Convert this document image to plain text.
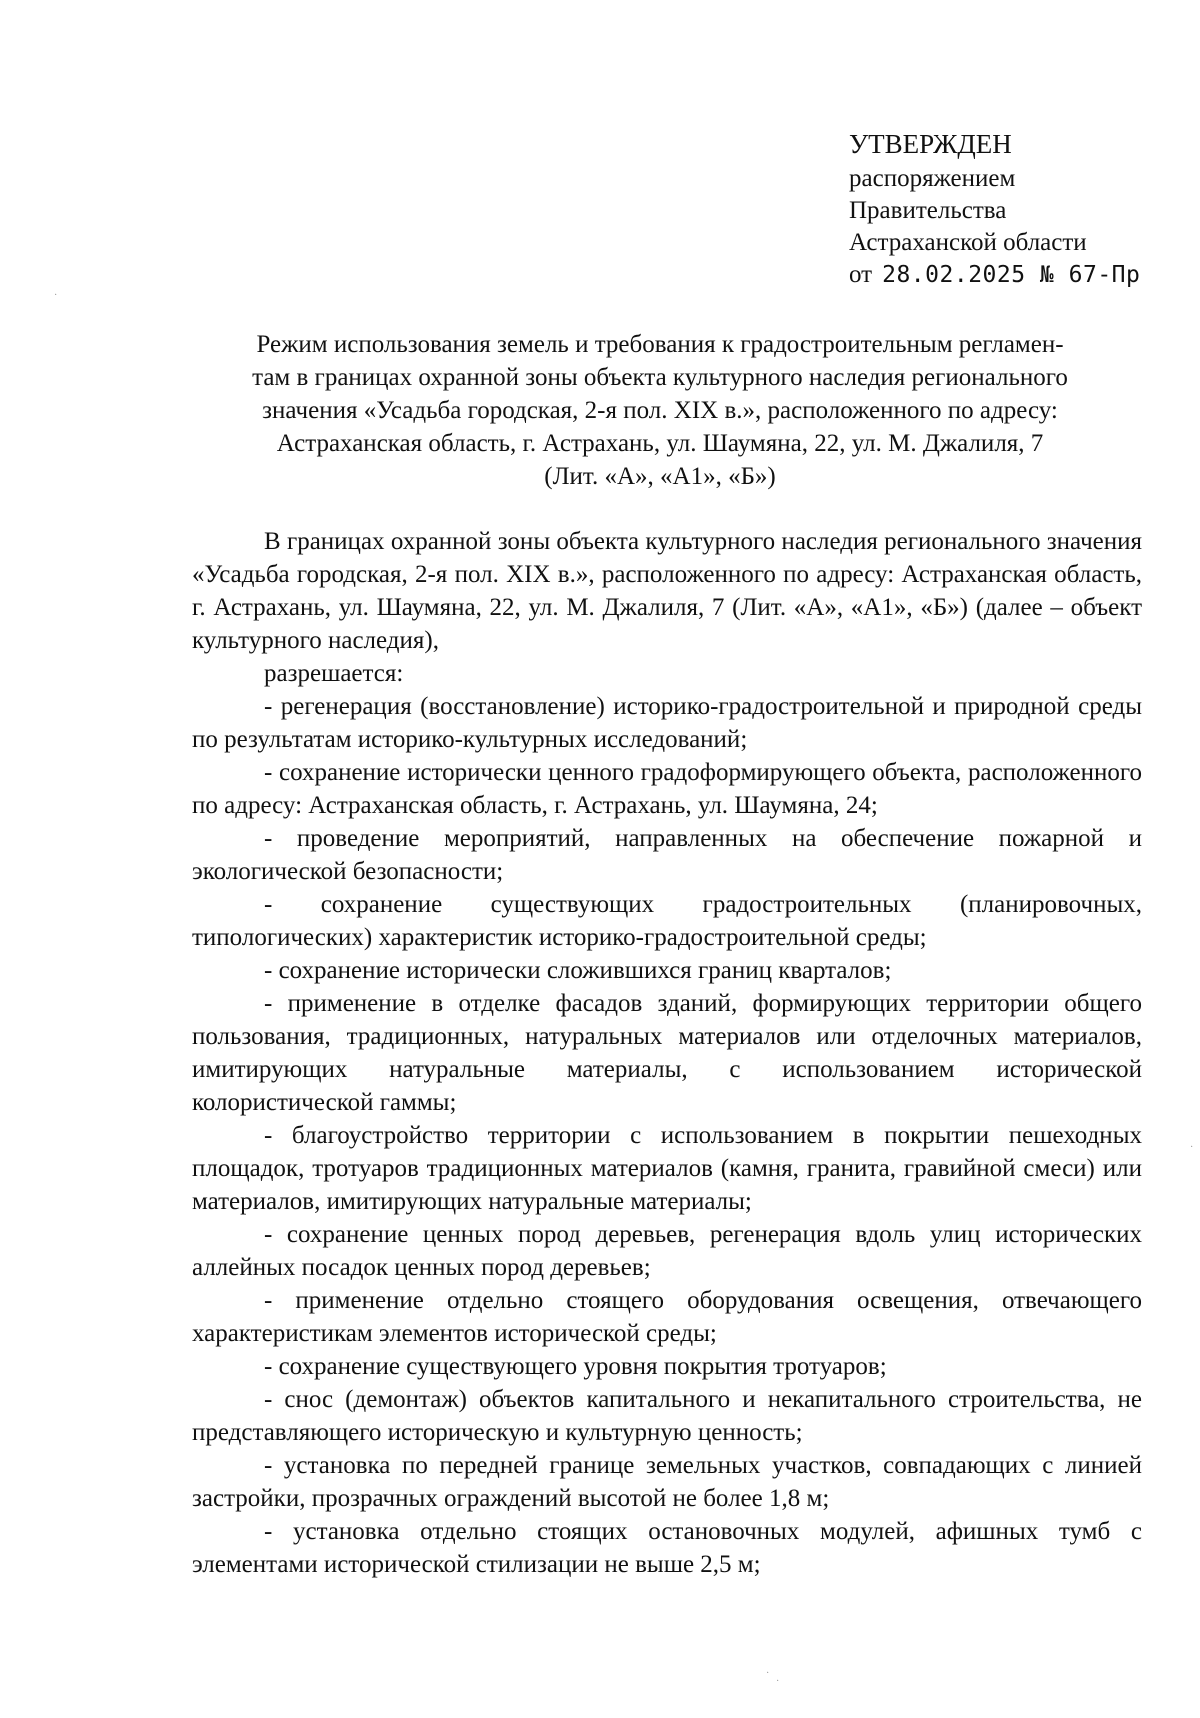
УТВЕРЖДЕН
распоряжением
Правительства
Астраханской области
от 28.02.2025 № 67-Пр
Режим использования земель и требования к градостроительным регламен-
там в границах охранной зоны объекта культурного наследия регионального
значения «Усадьба городская, 2-я пол. XIX в.», расположенного по адресу:
Астраханская область, г. Астрахань, ул. Шаумяна, 22, ул. М. Джалиля, 7
(Лит. «А», «А1», «Б»)

В границах охранной зоны объекта культурного наследия регионального значения «Усадьба городская, 2-я пол. XIX в.», расположенного по адресу: Астраханская область, г. Астрахань, ул. Шаумяна, 22, ул. М. Джалиля, 7 (Лит. «А», «А1», «Б») (далее – объект культурного наследия),

разрешается:

- регенерация (восстановление) историко-градостроительной и природной среды по результатам историко-культурных исследований;

- сохранение исторически ценного градоформирующего объекта, расположенного по адресу: Астраханская область, г. Астрахань, ул. Шаумяна, 24;

- проведение мероприятий, направленных на обеспечение пожарной и экологической безопасности;

- сохранение существующих градостроительных (планировочных, типологических) характеристик историко-градостроительной среды;

- сохранение исторически сложившихся границ кварталов;

- применение в отделке фасадов зданий, формирующих территории общего пользования, традиционных, натуральных материалов или отделочных материалов, имитирующих натуральные материалы, с использованием исторической колористической гаммы;

- благоустройство территории с использованием в покрытии пешеходных площадок, тротуаров традиционных материалов (камня, гранита, гравийной смеси) или материалов, имитирующих натуральные материалы;

- сохранение ценных пород деревьев, регенерация вдоль улиц исторических аллейных посадок ценных пород деревьев;

- применение отдельно стоящего оборудования освещения, отвечающего характеристикам элементов исторической среды;

- сохранение существующего уровня покрытия тротуаров;

- снос (демонтаж) объектов капитального и некапитального строительства, не представляющего историческую и культурную ценность;

- установка по передней границе земельных участков, совпадающих с линией застройки, прозрачных ограждений высотой не более 1,8 м;

- установка отдельно стоящих остановочных модулей, афишных тумб с элементами исторической стилизации не выше 2,5 м;

·
·
·
·
